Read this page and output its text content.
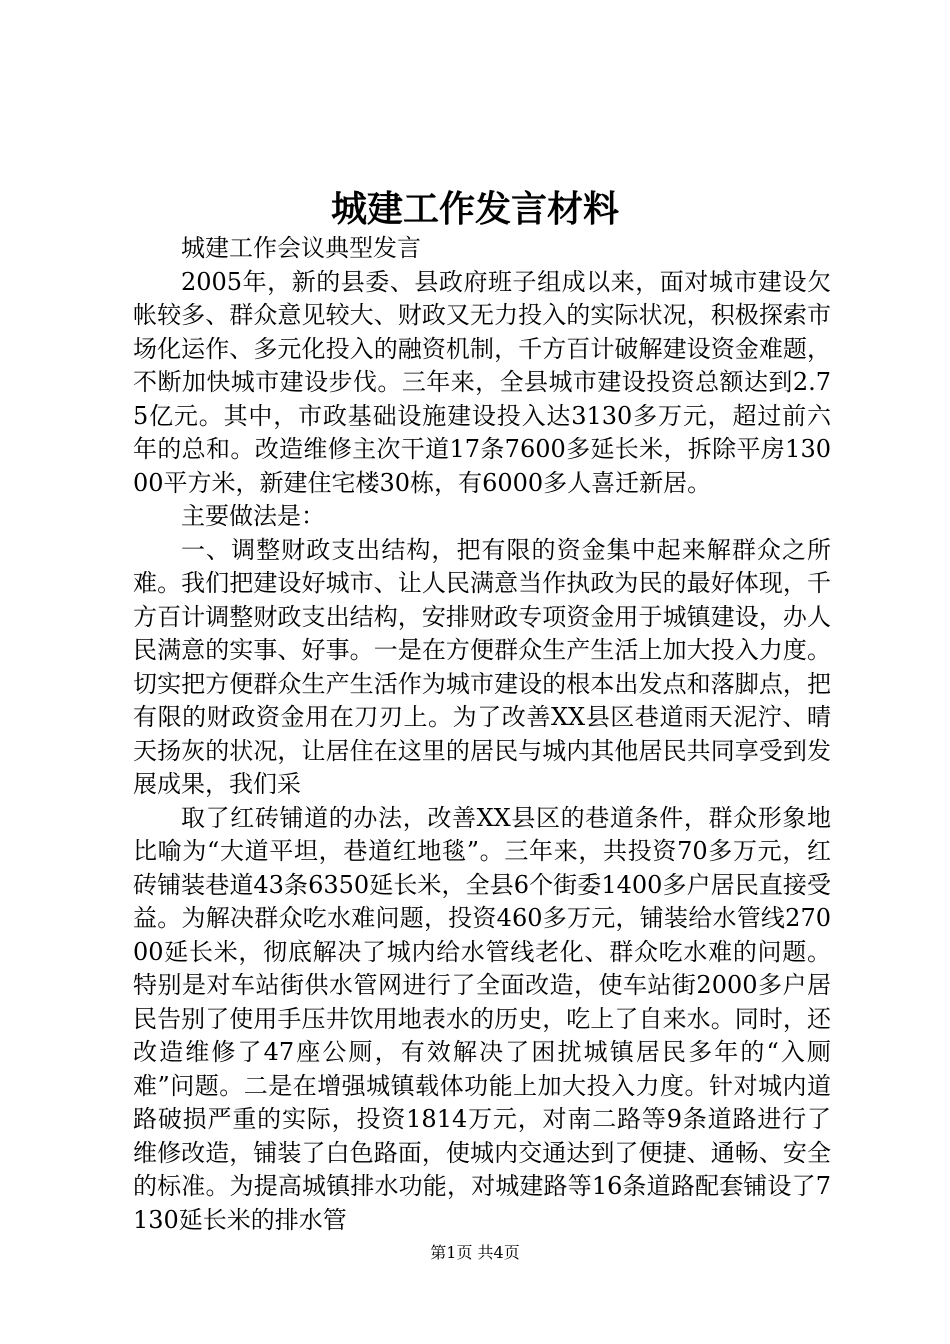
城建工作发言材料

城建工作会议典型发言

2005年，新的县委、县政府班子组成以来，面对城市建设欠帐较多、群众意见较大、财政又无力投入的实际状况，积极探索市场化运作、多元化投入的融资机制，千方百计破解建设资金难题，不断加快城市建设步伐。三年来，全县城市建设投资总额达到2.75亿元。其中，市政基础设施建设投入达3130多万元，超过前六年的总和。改造维修主次干道17条7600多延长米，拆除平房13000平方米，新建住宅楼30栋，有6000多人喜迁新居。

主要做法是：

一、调整财政支出结构，把有限的资金集中起来解群众之所难。我们把建设好城市、让人民满意当作执政为民的最好体现，千方百计调整财政支出结构，安排财政专项资金用于城镇建设，办人民满意的实事、好事。一是在方便群众生产生活上加大投入力度。切实把方便群众生产生活作为城市建设的根本出发点和落脚点，把有限的财政资金用在刀刃上。为了改善XX县区巷道雨天泥泞、晴天扬灰的状况，让居住在这里的居民与城内其他居民共同享受到发展成果，我们采

取了红砖铺道的办法，改善XX县区的巷道条件，群众形象地比喻为“大道平坦，巷道红地毯”。三年来，共投资70多万元，红砖铺装巷道43条6350延长米，全县6个街委1400多户居民直接受益。为解决群众吃水难问题，投资460多万元，铺装给水管线27000延长米，彻底解决了城内给水管线老化、群众吃水难的问题。特别是对车站街供水管网进行了全面改造，使车站街2000多户居民告别了使用手压井饮用地表水的历史，吃上了自来水。同时，还改造维修了47座公厕，有效解决了困扰城镇居民多年的“入厕难”问题。二是在增强城镇载体功能上加大投入力度。针对城内道路破损严重的实际，投资1814万元，对南二路等9条道路进行了维修改造，铺装了白色路面，使城内交通达到了便捷、通畅、安全的标准。为提高城镇排水功能，对城建路等16条道路配套铺设了7130延长米的排水管

第1页 共4页
